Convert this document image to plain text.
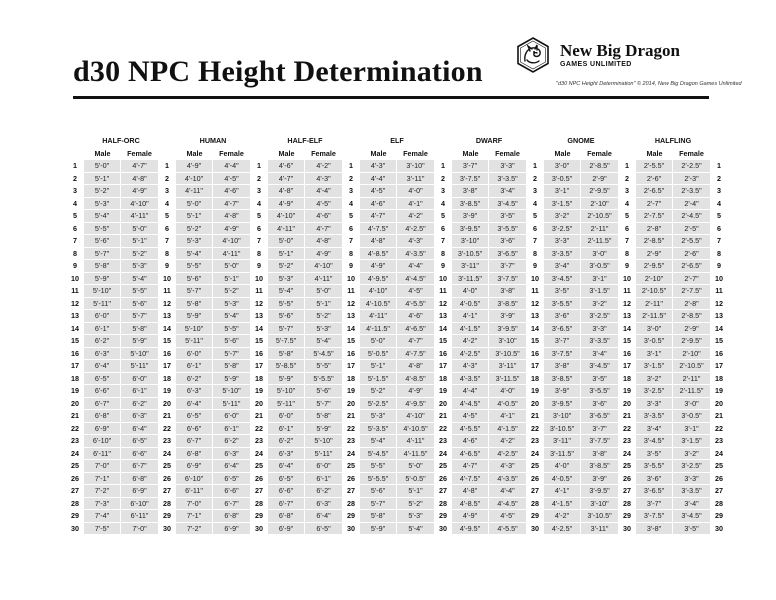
d30 NPC Height Determination
New Big Dragon
GAMES UNLIMITED
"d30 NPC Height Determination" © 2014, New Big Dragon Games Unlimited
	HALF-ORC			HUMAN			HALF-ELF			ELF			DWARF			GNOME			HALFLING		
	Male	Female		Male	Female		Male	Female		Male	Female		Male	Female		Male	Female		Male	Female	
1	5'-0"	4'-7"	1	4'-9"	4'-4"	1	4'-6"	4'-2"	1	4'-3"	3'-10"	1	3'-7"	3'-3"	1	3'-0"	2'-8.5"	1	2'-5.5"	2'-2.5"	1
2	5'-1"	4'-8"	2	4'-10"	4'-5"	2	4'-7"	4'-3"	2	4'-4"	3'-11"	2	3'-7.5"	3'-3.5"	2	3'-0.5"	2'-9"	2	2'-6"	2'-3"	2
3	5'-2"	4'-9"	3	4'-11"	4'-6"	3	4'-8"	4'-4"	3	4'-5"	4'-0"	3	3'-8"	3'-4"	3	3'-1"	2'-9.5"	3	2'-6.5"	2'-3.5"	3
4	5'-3"	4'-10"	4	5'-0"	4'-7"	4	4'-9"	4'-5"	4	4'-6"	4'-1"	4	3'-8.5"	3'-4.5"	4	3'-1.5"	2'-10"	4	2'-7"	2'-4"	4
5	5'-4"	4'-11"	5	5'-1"	4'-8"	5	4'-10"	4'-6"	5	4'-7"	4'-2"	5	3'-9"	3'-5"	5	3'-2"	2'-10.5"	5	2'-7.5"	2'-4.5"	5
6	5'-5"	5'-0"	6	5'-2"	4'-9"	6	4'-11"	4'-7"	6	4'-7.5"	4'-2.5"	6	3'-9.5"	3'-5.5"	6	3'-2.5"	2'-11"	6	2'-8"	2'-5"	6
7	5'-6"	5'-1"	7	5'-3"	4'-10"	7	5'-0"	4'-8"	7	4'-8"	4'-3"	7	3'-10"	3'-6"	7	3'-3"	2'-11.5"	7	2'-8.5"	2'-5.5"	7
8	5'-7"	5'-2"	8	5'-4"	4'-11"	8	5'-1"	4'-9"	8	4'-8.5"	4'-3.5"	8	3'-10.5"	3'-6.5"	8	3'-3.5"	3'-0"	8	2'-9"	2'-6"	8
9	5'-8"	5'-3"	9	5'-5"	5'-0"	9	5'-2"	4'-10"	9	4'-9"	4'-4"	9	3'-11"	3'-7"	9	3'-4"	3'-0.5"	9	2'-9.5"	2'-6.5"	9
10	5'-9"	5'-4"	10	5'-6"	5'-1"	10	5'-3"	4'-11"	10	4'-9.5"	4'-4.5"	10	3'-11.5"	3'-7.5"	10	3'-4.5"	3'-1"	10	2'-10"	2'-7"	10
11	5'-10"	5'-5"	11	5'-7"	5'-2"	11	5'-4"	5'-0"	11	4'-10"	4'-5"	11	4'-0"	3'-8"	11	3'-5"	3'-1.5"	11	2'-10.5"	2'-7.5"	11
12	5'-11"	5'-6"	12	5'-8"	5'-3"	12	5'-5"	5'-1"	12	4'-10.5"	4'-5.5"	12	4'-0.5"	3'-8.5"	12	3'-5.5"	3'-2"	12	2'-11"	2'-8"	12
13	6'-0"	5'-7"	13	5'-9"	5'-4"	13	5'-6"	5'-2"	13	4'-11"	4'-6"	13	4'-1"	3'-9"	13	3'-6"	3'-2.5"	13	2'-11.5"	2'-8.5"	13
14	6'-1"	5'-8"	14	5'-10"	5'-5"	14	5'-7"	5'-3"	14	4'-11.5"	4'-6.5"	14	4'-1.5"	3'-9.5"	14	3'-6.5"	3'-3"	14	3'-0"	2'-9"	14
15	6'-2"	5'-9"	15	5'-11"	5'-6"	15	5'-7.5"	5'-4"	15	5'-0"	4'-7"	15	4'-2"	3'-10"	15	3'-7"	3'-3.5"	15	3'-0.5"	2'-9.5"	15
16	6'-3"	5'-10"	16	6'-0"	5'-7"	16	5'-8"	5'-4.5"	16	5'-0.5"	4'-7.5"	16	4'-2.5"	3'-10.5"	16	3'-7.5"	3'-4"	16	3'-1"	2'-10"	16
17	6'-4"	5'-11"	17	6'-1"	5'-8"	17	5'-8.5"	5'-5"	17	5'-1"	4'-8"	17	4'-3"	3'-11"	17	3'-8"	3'-4.5"	17	3'-1.5"	2'-10.5"	17
18	6'-5"	6'-0"	18	6'-2"	5'-9"	18	5'-9"	5'-5.5"	18	5'-1.5"	4'-8.5"	18	4'-3.5"	3'-11.5"	18	3'-8.5"	3'-5"	18	3'-2"	2'-11"	18
19	6'-6"	6'-1"	19	6'-3"	5'-10"	19	5'-10"	5'-6"	19	5'-2"	4'-9"	19	4'-4"	4'-0"	19	3'-9"	3'-5.5"	19	3'-2.5"	2'-11.5"	19
20	6'-7"	6'-2"	20	6'-4"	5'-11"	20	5'-11"	5'-7"	20	5'-2.5"	4'-9.5"	20	4'-4.5"	4'-0.5"	20	3'-9.5"	3'-6"	20	3'-3"	3'-0"	20
21	6'-8"	6'-3"	21	6'-5"	6'-0"	21	6'-0"	5'-8"	21	5'-3"	4'-10"	21	4'-5"	4'-1"	21	3'-10"	3'-6.5"	21	3'-3.5"	3'-0.5"	21
22	6'-9"	6'-4"	22	6'-6"	6'-1"	22	6'-1"	5'-9"	22	5'-3.5"	4'-10.5"	22	4'-5.5"	4'-1.5"	22	3'-10.5"	3'-7"	22	3'-4"	3'-1"	22
23	6'-10"	6'-5"	23	6'-7"	6'-2"	23	6'-2"	5'-10"	23	5'-4"	4'-11"	23	4'-6"	4'-2"	23	3'-11"	3'-7.5"	23	3'-4.5"	3'-1.5"	23
24	6'-11"	6'-6"	24	6'-8"	6'-3"	24	6'-3"	5'-11"	24	5'-4.5"	4'-11.5"	24	4'-6.5"	4'-2.5"	24	3'-11.5"	3'-8"	24	3'-5"	3'-2"	24
25	7'-0"	6'-7"	25	6'-9"	6'-4"	25	6'-4"	6'-0"	25	5'-5"	5'-0"	25	4'-7"	4'-3"	25	4'-0"	3'-8.5"	25	3'-5.5"	3'-2.5"	25
26	7'-1"	6'-8"	26	6'-10"	6'-5"	26	6'-5"	6'-1"	26	5'-5.5"	5'-0.5"	26	4'-7.5"	4'-3.5"	26	4'-0.5"	3'-9"	26	3'-6"	3'-3"	26
27	7'-2"	6'-9"	27	6'-11"	6'-6"	27	6'-6"	6'-2"	27	5'-6"	5'-1"	27	4'-8"	4'-4"	27	4'-1"	3'-9.5"	27	3'-6.5"	3'-3.5"	27
28	7'-3"	6'-10"	28	7'-0"	6'-7"	28	6'-7"	6'-3"	28	5'-7"	5'-2"	28	4'-8.5"	4'-4.5"	28	4'-1.5"	3'-10"	28	3'-7"	3'-4"	28
29	7'-4"	6'-11"	29	7'-1"	6'-8"	29	6'-8"	6'-4"	29	5'-8"	5'-3"	29	4'-9"	4'-5"	29	4'-2"	3'-10.5"	29	3'-7.5"	3'-4.5"	29
30	7'-5"	7'-0"	30	7'-2"	6'-9"	30	6'-9"	6'-5"	30	5'-9"	5'-4"	30	4'-9.5"	4'-5.5"	30	4'-2.5"	3'-11"	30	3'-8"	3'-5"	30
